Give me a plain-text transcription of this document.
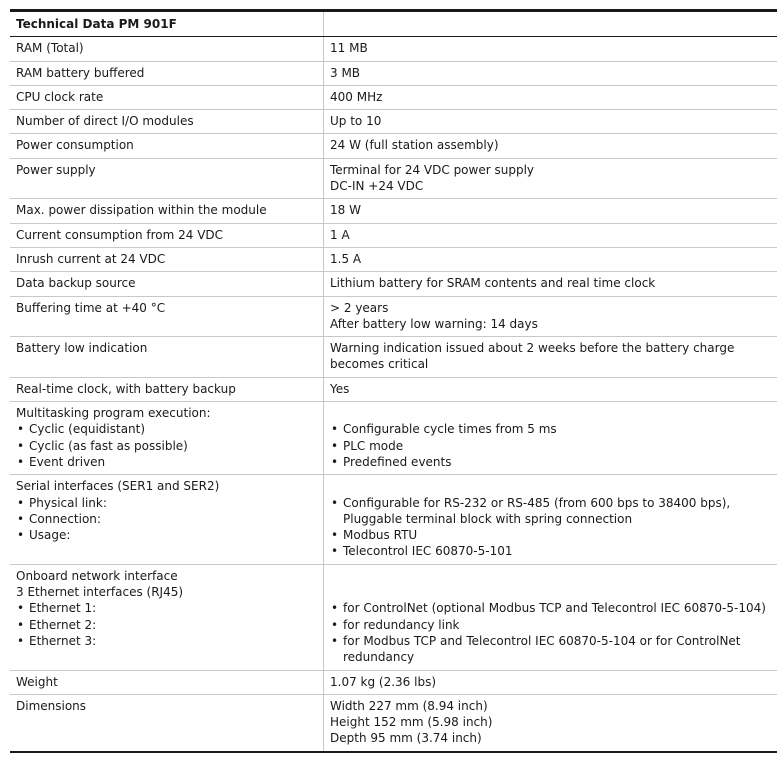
Technical Data PM 901F	
RAM (Total)	11 MB
RAM battery buffered	3 MB
CPU clock rate	400 MHz
Number of direct I/O modules	Up to 10
Power consumption	24 W (full station assembly)
Power supply	Terminal for 24 VDC power supply
DC-IN +24 VDC

Max. power dissipation within the module	18 W
Current consumption from 24 VDC	1 A
Inrush current at 24 VDC	1.5 A
Data backup source	Lithium battery for SRAM contents and real time clock
Buffering time at +40 °C	> 2 years
After battery low warning: 14 days

Battery low indication	Warning indication issued about 2 weeks before the battery charge becomes critical
Real-time clock, with battery backup	Yes

Multitasking program execution:
• Cyclic (equidistant)
• Cyclic (as fast as possible)
• Event driven	• Configurable cycle times from 5 ms
• PLC mode
• Predefined events

Serial interfaces (SER1 and SER2)
• Physical link:
• Connection:
• Usage:	• Configurable for RS-232 or RS-485 (from 600 bps to 38400 bps), Pluggable terminal block with spring connection
• Modbus RTU
• Telecontrol IEC 60870-5-101

Onboard network interface
3 Ethernet interfaces (RJ45)
• Ethernet 1:
• Ethernet 2:
• Ethernet 3:	• for ControlNet (optional Modbus TCP and Telecontrol IEC 60870-5-104)
• for redundancy link
• for Modbus TCP and Telecontrol IEC 60870-5-104 or for ControlNet redundancy

Weight	1.07 kg (2.36 lbs)
Dimensions	Width 227 mm (8.94 inch)
Height 152 mm (5.98 inch)
Depth 95 mm (3.74 inch)
